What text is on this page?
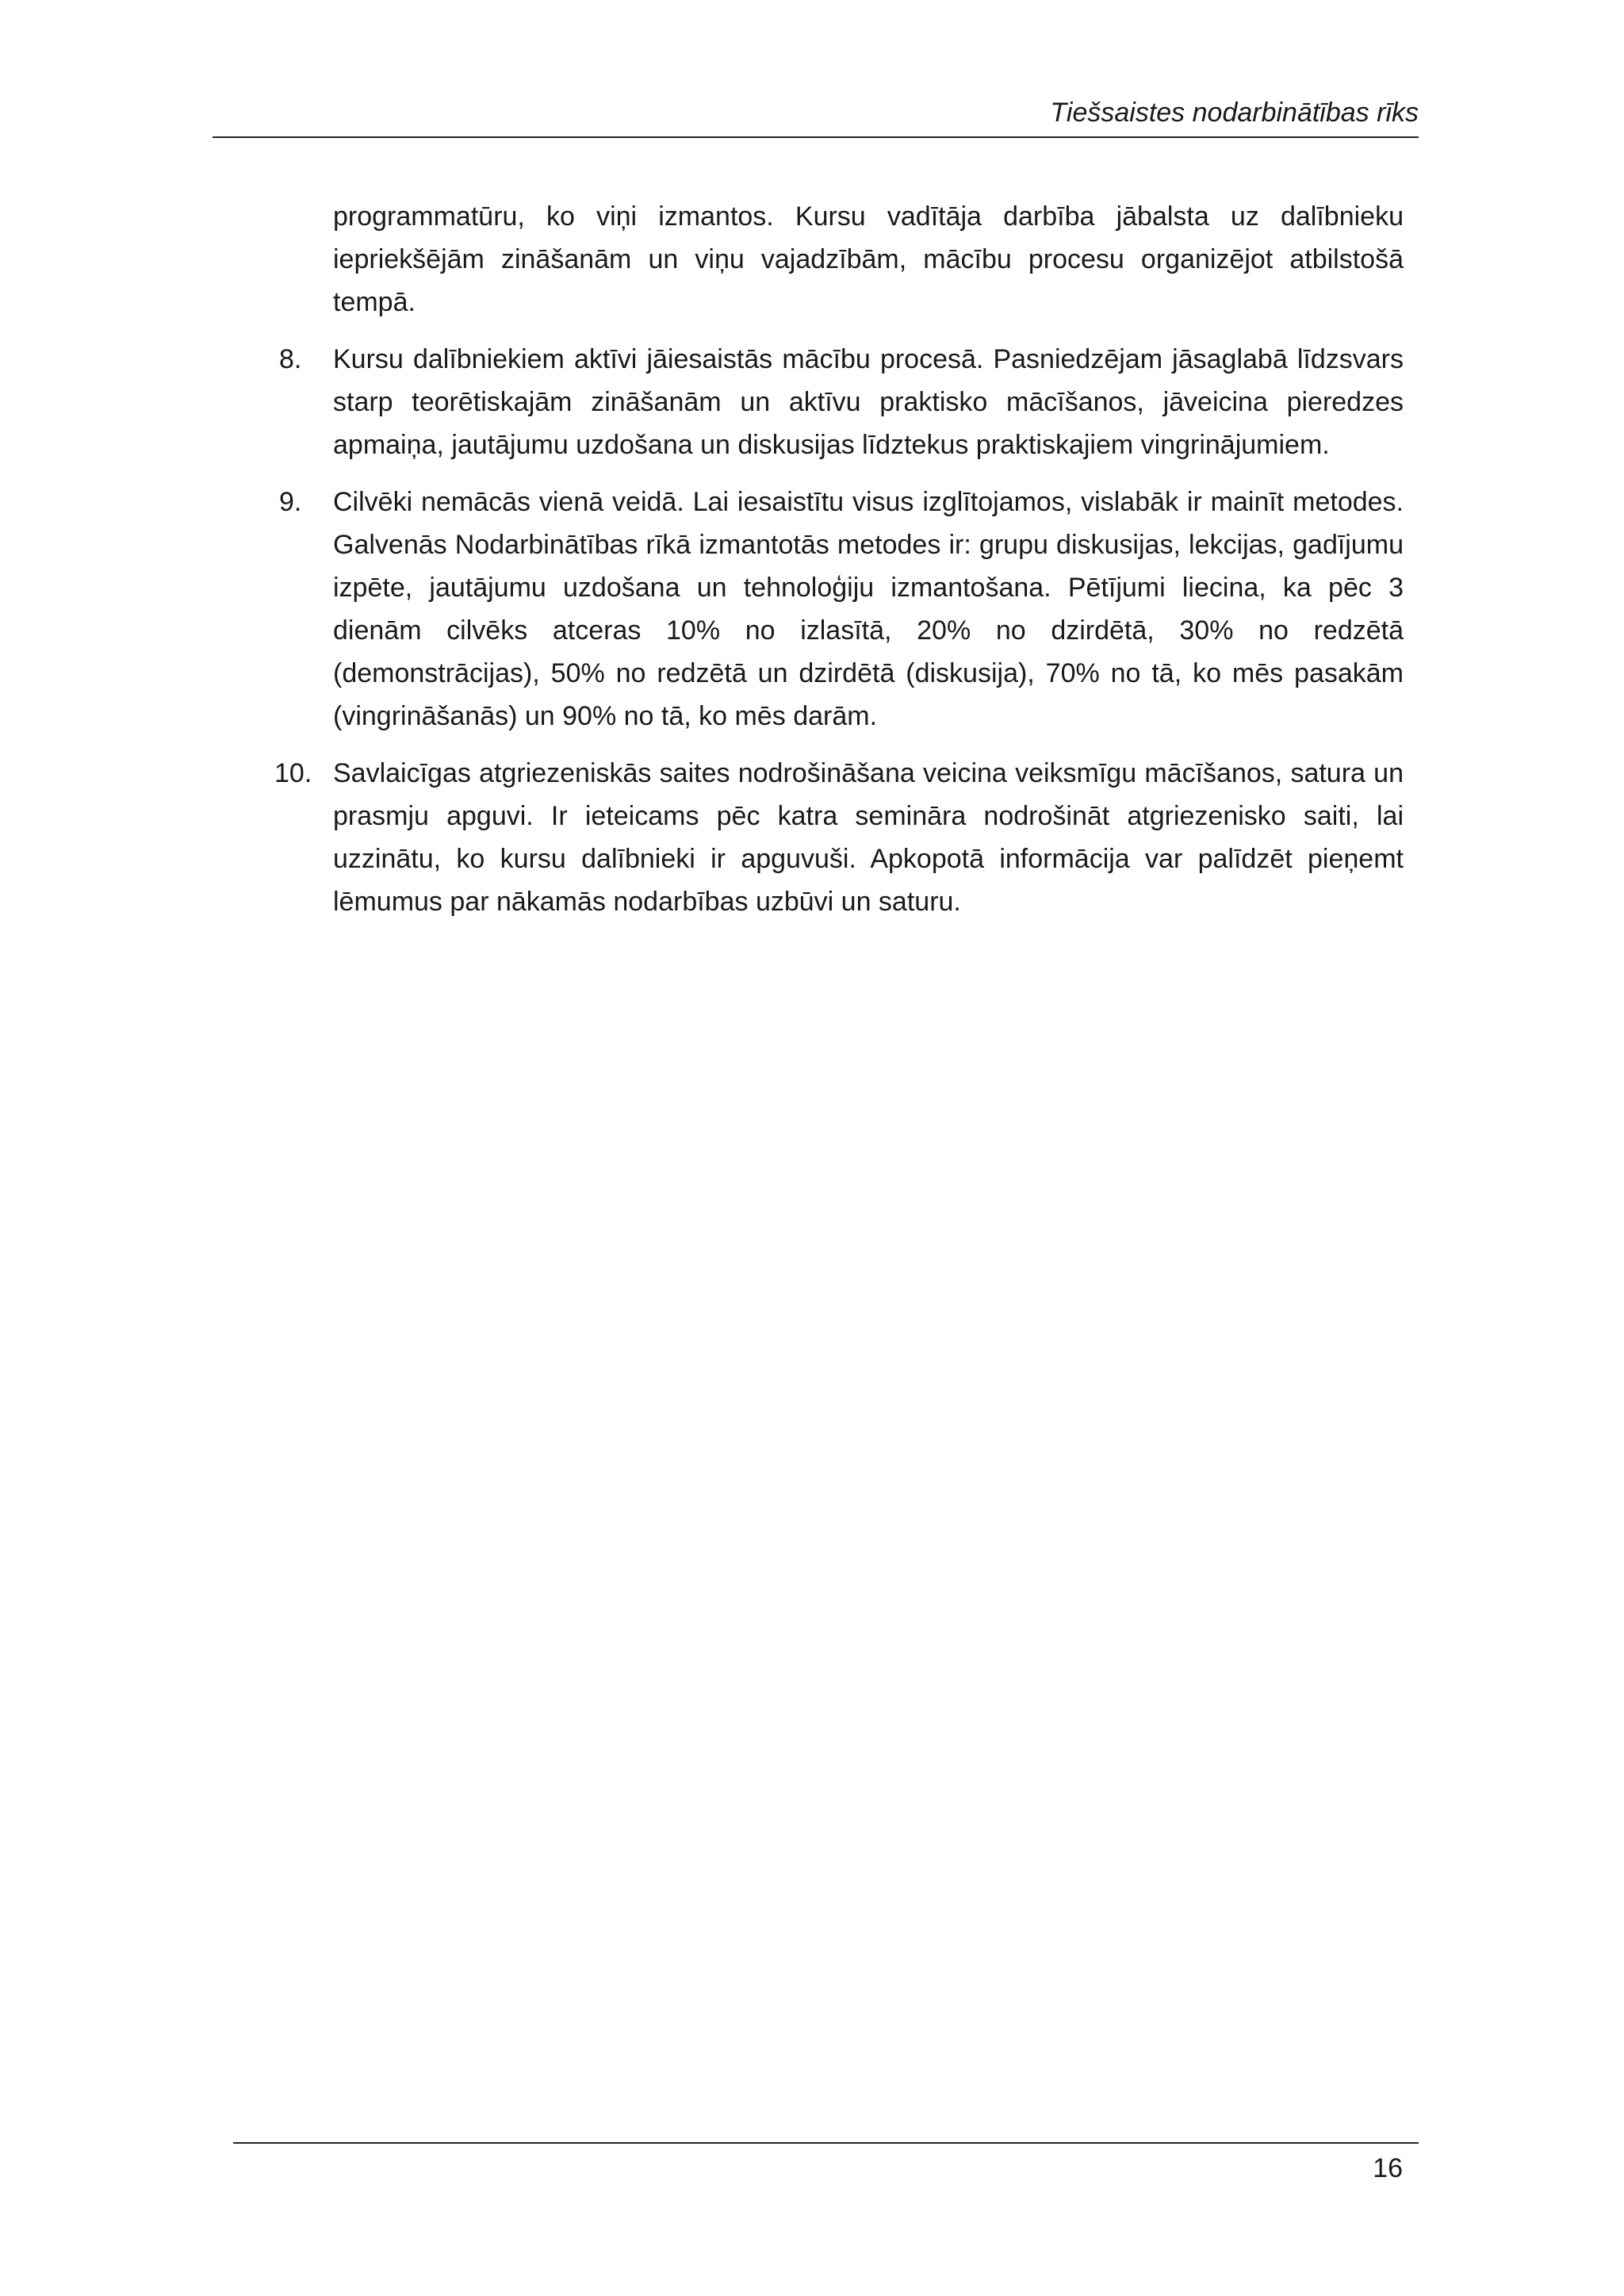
Tiešsaistes nodarbinātības rīks

programmatūru, ko viņi izmantos. Kursu vadītāja darbība jābalsta uz dalībnieku iepriekšējām zināšanām un viņu vajadzībām, mācību procesu organizējot atbilstošā tempā.

8. Kursu dalībniekiem aktīvi jāiesaistās mācību procesā. Pasniedzējam jāsaglabā līdzsvars starp teorētiskajām zināšanām un aktīvu praktisko mācīšanos, jāveicina pieredzes apmaiņa, jautājumu uzdošana un diskusijas līdztekus praktiskajiem vingrinājumiem.
9. Cilvēki nemācās vienā veidā. Lai iesaistītu visus izglītojamos, vislabāk ir mainīt metodes. Galvenās Nodarbinātības rīkā izmantotās metodes ir: grupu diskusijas, lekcijas, gadījumu izpēte, jautājumu uzdošana un tehnoloģiju izmantošana. Pētījumi liecina, ka pēc 3 dienām cilvēks atceras 10% no izlasītā, 20% no dzirdētā, 30% no redzētā (demonstrācijas), 50% no redzētā un dzirdētā (diskusija), 70% no tā, ko mēs pasakām (vingrināšanās) un 90% no tā, ko mēs darām.
10. Savlaicīgas atgriezeniskās saites nodrošināšana veicina veiksmīgu mācīšanos, satura un prasmju apguvi. Ir ieteicams pēc katra semināra nodrošināt atgriezenisko saiti, lai uzzinātu, ko kursu dalībnieki ir apguvuši. Apkopotā informācija var palīdzēt pieņemt lēmumus par nākamās nodarbības uzbūvi un saturu.
16
